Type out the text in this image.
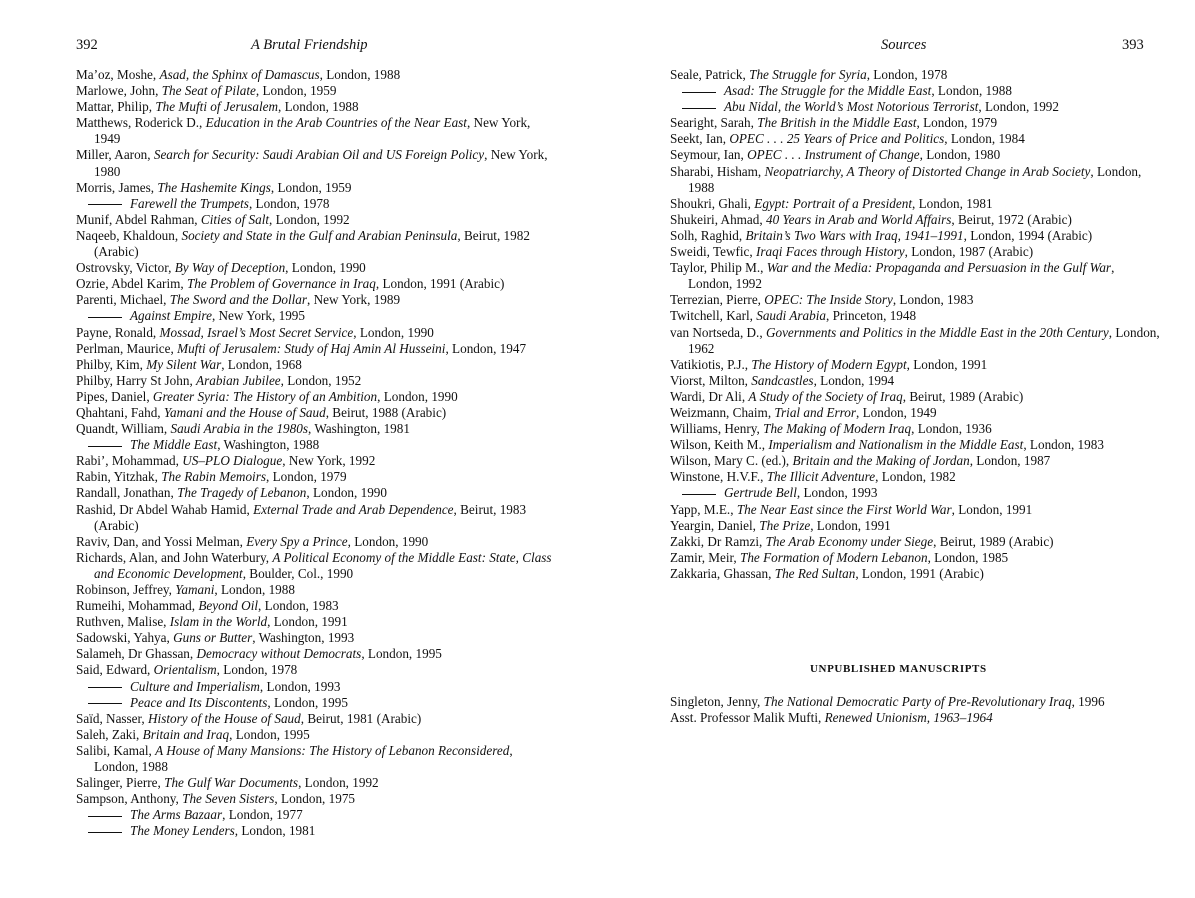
392	A Brutal Friendship
Ma’oz, Moshe, Asad, the Sphinx of Damascus, London, 1988
Marlowe, John, The Seat of Pilate, London, 1959
Mattar, Philip, The Mufti of Jerusalem, London, 1988
Matthews, Roderick D., Education in the Arab Countries of the Near East, New York, 1949
Miller, Aaron, Search for Security: Saudi Arabian Oil and US Foreign Policy, New York, 1980
Morris, James, The Hashemite Kings, London, 1959
Farewell the Trumpets, London, 1978
Munif, Abdel Rahman, Cities of Salt, London, 1992
Naqeeb, Khaldoun, Society and State in the Gulf and Arabian Peninsula, Beirut, 1982 (Arabic)
Ostrovsky, Victor, By Way of Deception, London, 1990
Ozrie, Abdel Karim, The Problem of Governance in Iraq, London, 1991 (Arabic)
Parenti, Michael, The Sword and the Dollar, New York, 1989
Against Empire, New York, 1995
Payne, Ronald, Mossad, Israel’s Most Secret Service, London, 1990
Perlman, Maurice, Mufti of Jerusalem: Study of Haj Amin Al Husseini, London, 1947
Philby, Kim, My Silent War, London, 1968
Philby, Harry St John, Arabian Jubilee, London, 1952
Pipes, Daniel, Greater Syria: The History of an Ambition, London, 1990
Qhahtani, Fahd, Yamani and the House of Saud, Beirut, 1988 (Arabic)
Quandt, William, Saudi Arabia in the 1980s, Washington, 1981
The Middle East, Washington, 1988
Rabi’, Mohammad, US–PLO Dialogue, New York, 1992
Rabin, Yitzhak, The Rabin Memoirs, London, 1979
Randall, Jonathan, The Tragedy of Lebanon, London, 1990
Rashid, Dr Abdel Wahab Hamid, External Trade and Arab Dependence, Beirut, 1983 (Arabic)
Raviv, Dan, and Yossi Melman, Every Spy a Prince, London, 1990
Richards, Alan, and John Waterbury, A Political Economy of the Middle East: State, Class and Economic Development, Boulder, Col., 1990
Robinson, Jeffrey, Yamani, London, 1988
Rumeihi, Mohammad, Beyond Oil, London, 1983
Ruthven, Malise, Islam in the World, London, 1991
Sadowski, Yahya, Guns or Butter, Washington, 1993
Salameh, Dr Ghassan, Democracy without Democrats, London, 1995
Said, Edward, Orientalism, London, 1978
Culture and Imperialism, London, 1993
Peace and Its Discontents, London, 1995
Saïd, Nasser, History of the House of Saud, Beirut, 1981 (Arabic)
Saleh, Zaki, Britain and Iraq, London, 1995
Salibi, Kamal, A House of Many Mansions: The History of Lebanon Reconsidered, London, 1988
Salinger, Pierre, The Gulf War Documents, London, 1992
Sampson, Anthony, The Seven Sisters, London, 1975
The Arms Bazaar, London, 1977
The Money Lenders, London, 1981
Sources	393
Seale, Patrick, The Struggle for Syria, London, 1978
Asad: The Struggle for the Middle East, London, 1988
Abu Nidal, the World’s Most Notorious Terrorist, London, 1992
Searight, Sarah, The British in the Middle East, London, 1979
Seekt, Ian, OPEC . . . 25 Years of Price and Politics, London, 1984
Seymour, Ian, OPEC . . . Instrument of Change, London, 1980
Sharabi, Hisham, Neopatriarchy, A Theory of Distorted Change in Arab Society, London, 1988
Shoukri, Ghali, Egypt: Portrait of a President, London, 1981
Shukeiri, Ahmad, 40 Years in Arab and World Affairs, Beirut, 1972 (Arabic)
Solh, Raghid, Britain’s Two Wars with Iraq, 1941–1991, London, 1994 (Arabic)
Sweidi, Tewfic, Iraqi Faces through History, London, 1987 (Arabic)
Taylor, Philip M., War and the Media: Propaganda and Persuasion in the Gulf War, London, 1992
Terrezian, Pierre, OPEC: The Inside Story, London, 1983
Twitchell, Karl, Saudi Arabia, Princeton, 1948
van Nortseda, D., Governments and Politics in the Middle East in the 20th Century, London, 1962
Vatikiotis, P.J., The History of Modern Egypt, London, 1991
Viorst, Milton, Sandcastles, London, 1994
Wardi, Dr Ali, A Study of the Society of Iraq, Beirut, 1989 (Arabic)
Weizmann, Chaim, Trial and Error, London, 1949
Williams, Henry, The Making of Modern Iraq, London, 1936
Wilson, Keith M., Imperialism and Nationalism in the Middle East, London, 1983
Wilson, Mary C. (ed.), Britain and the Making of Jordan, London, 1987
Winstone, H.V.F., The Illicit Adventure, London, 1982
Gertrude Bell, London, 1993
Yapp, M.E., The Near East since the First World War, London, 1991
Yeargin, Daniel, The Prize, London, 1991
Zakki, Dr Ramzi, The Arab Economy under Siege, Beirut, 1989 (Arabic)
Zamir, Meir, The Formation of Modern Lebanon, London, 1985
Zakkaria, Ghassan, The Red Sultan, London, 1991 (Arabic)
UNPUBLISHED MANUSCRIPTS
Singleton, Jenny, The National Democratic Party of Pre-Revolutionary Iraq, 1996
Asst. Professor Malik Mufti, Renewed Unionism, 1963–1964
